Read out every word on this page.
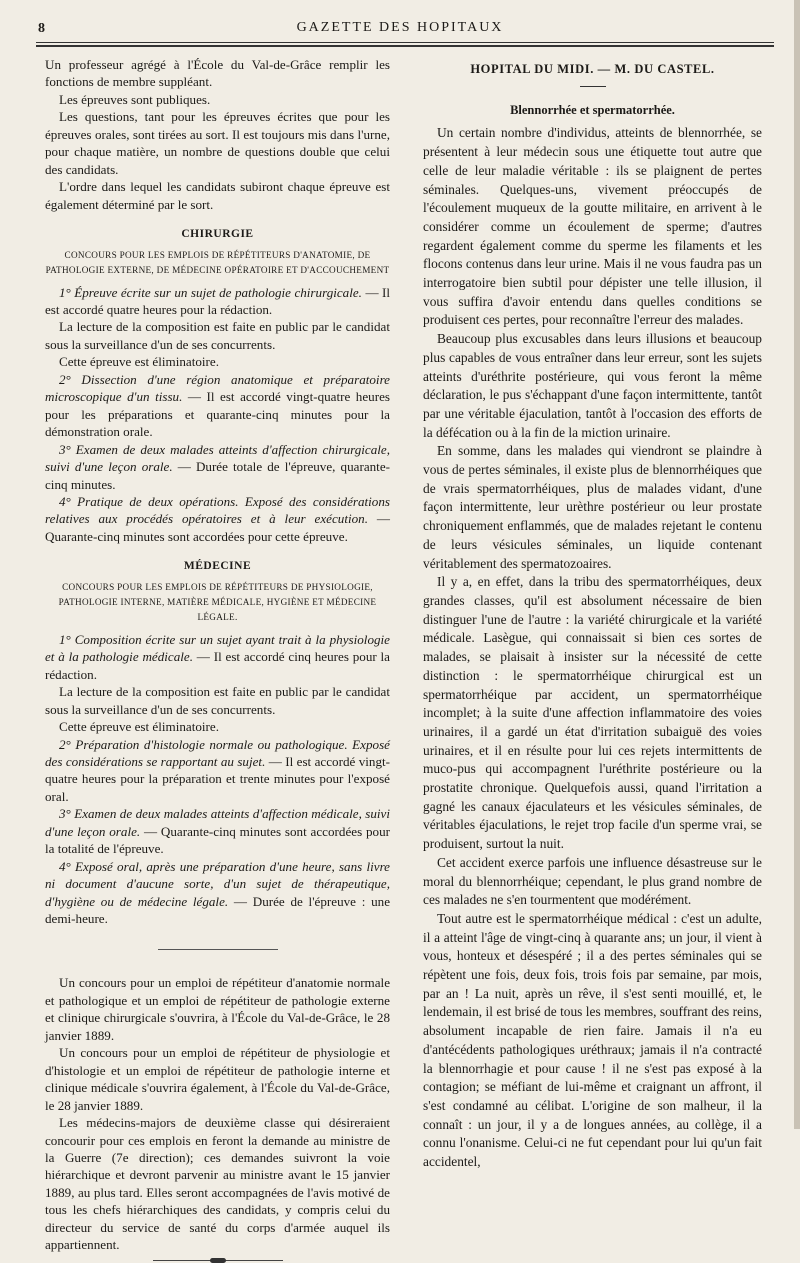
8	GAZETTE DES HOPITAUX

Un professeur agrégé à l'École du Val-de-Grâce remplir les fonctions de membre suppléant.

Les épreuves sont publiques.

Les questions, tant pour les épreuves écrites que pour les épreuves orales, sont tirées au sort. Il est toujours mis dans l'urne, pour chaque matière, un nombre de questions double que celui des candidats.

L'ordre dans lequel les candidats subiront chaque épreuve est également déterminé par le sort.

CHIRURGIE
CONCOURS POUR LES EMPLOIS DE RÉPÉTITEURS D'ANATOMIE, DE PATHOLOGIE EXTERNE, DE MÉDECINE OPÉRATOIRE ET D'ACCOUCHEMENT

1° Épreuve écrite sur un sujet de pathologie chirurgicale. — Il est accordé quatre heures pour la rédaction.

La lecture de la composition est faite en public par le candidat sous la surveillance d'un de ses concurrents.

Cette épreuve est éliminatoire.

2° Dissection d'une région anatomique et préparatoire microscopique d'un tissu. — Il est accordé vingt-quatre heures pour les préparations et quarante-cinq minutes pour la démonstration orale.

3° Examen de deux malades atteints d'affection chirurgicale, suivi d'une leçon orale. — Durée totale de l'épreuve, quarante-cinq minutes.

4° Pratique de deux opérations. Exposé des considérations relatives aux procédés opératoires et à leur exécution. — Quarante-cinq minutes sont accordées pour cette épreuve.

MÉDECINE
CONCOURS POUR LES EMPLOIS DE RÉPÉTITEURS DE PHYSIOLOGIE, PATHOLOGIE INTERNE, MATIÈRE MÉDICALE, HYGIÈNE ET MÉDECINE LÉGALE.

1° Composition écrite sur un sujet ayant trait à la physiologie et à la pathologie médicale. — Il est accordé cinq heures pour la rédaction.

La lecture de la composition est faite en public par le candidat sous la surveillance d'un de ses concurrents.

Cette épreuve est éliminatoire.

2° Préparation d'histologie normale ou pathologique. Exposé des considérations se rapportant au sujet. — Il est accordé vingt-quatre heures pour la préparation et trente minutes pour l'exposé oral.

3° Examen de deux malades atteints d'affection médicale, suivi d'une leçon orale. — Quarante-cinq minutes sont accordées pour la totalité de l'épreuve.

4° Exposé oral, après une préparation d'une heure, sans livre ni document d'aucune sorte, d'un sujet de thérapeutique, d'hygiène ou de médecine légale. — Durée de l'épreuve : une demi-heure.

Un concours pour un emploi de répétiteur d'anatomie normale et pathologique et un emploi de répétiteur de pathologie externe et clinique chirurgicale s'ouvrira, à l'École du Val-de-Grâce, le 28 janvier 1889.

Un concours pour un emploi de répétiteur de physiologie et d'histologie et un emploi de répétiteur de pathologie interne et clinique médicale s'ouvrira également, à l'École du Val-de-Grâce, le 28 janvier 1889.

Les médecins-majors de deuxième classe qui désireraient concourir pour ces emplois en feront la demande au ministre de la Guerre (7e direction); ces demandes suivront la voie hiérarchique et devront parvenir au ministre avant le 15 janvier 1889, au plus tard. Elles seront accompagnées de l'avis motivé de tous les chefs hiérarchiques des candidats, y compris celui du directeur du service de santé du corps d'armée auquel ils appartiennent.

HOPITAL DU MIDI. — M. DU CASTEL.
Blennorrhée et spermatorrhée.

Un certain nombre d'individus, atteints de blennorrhée, se présentent à leur médecin sous une étiquette tout autre que celle de leur maladie véritable : ils se plaignent de pertes séminales. Quelques-uns, vivement préoccupés de l'écoulement muqueux de la goutte militaire, en arrivent à le considérer comme un écoulement de sperme; d'autres regardent également comme du sperme les filaments et les flocons contenus dans leur urine. Mais il ne vous faudra pas un interrogatoire bien subtil pour dépister une telle illusion, il vous suffira d'avoir entendu dans quelles conditions se produisent ces pertes, pour reconnaître l'erreur des malades.

Beaucoup plus excusables dans leurs illusions et beaucoup plus capables de vous entraîner dans leur erreur, sont les sujets atteints d'uréthrite postérieure, qui vous feront la même déclaration, le pus s'échappant d'une façon intermittente, tantôt par une véritable éjaculation, tantôt à l'occasion des efforts de la défécation ou à la fin de la miction urinaire.

En somme, dans les malades qui viendront se plaindre à vous de pertes séminales, il existe plus de blennorrhéiques que de vrais spermatorrhéiques, plus de malades vidant, d'une façon intermittente, leur urèthre postérieur ou leur prostate chroniquement enflammés, que de malades rejetant le contenu de leurs vésicules séminales, un liquide contenant véritablement des spermatozoaires.

Il y a, en effet, dans la tribu des spermatorrhéiques, deux grandes classes, qu'il est absolument nécessaire de bien distinguer l'une de l'autre : la variété chirurgicale et la variété médicale. Lasègue, qui connaissait si bien ces sortes de malades, se plaisait à insister sur la nécessité de cette distinction : le spermatorrhéique chirurgical est un spermatorrhéique par accident, un spermatorrhéique incomplet; à la suite d'une affection inflammatoire des voies urinaires, il a gardé un état d'irritation subaiguë des voies urinaires, et il en résulte pour lui ces rejets intermittents de muco-pus qui accompagnent l'uréthrite postérieure ou la prostatite chronique. Quelquefois aussi, quand l'irritation a gagné les canaux éjaculateurs et les vésicules séminales, de véritables éjaculations, le rejet trop facile d'un sperme vrai, se produisent, surtout la nuit.

Cet accident exerce parfois une influence désastreuse sur le moral du blennorrhéique; cependant, le plus grand nombre de ces malades ne s'en tourmentent que modérément.

Tout autre est le spermatorrhéique médical : c'est un adulte, il a atteint l'âge de vingt-cinq à quarante ans; un jour, il vient à vous, honteux et désespéré ; il a des pertes séminales qui se répètent une fois, deux fois, trois fois par semaine, par mois, par an ! La nuit, après un rêve, il s'est senti mouillé, et, le lendemain, il est brisé de tous les membres, souffrant des reins, absolument incapable de rien faire. Jamais il n'a eu d'antécédents pathologiques uréthraux; jamais il n'a contracté la blennorrhagie et pour cause ! il ne s'est pas exposé à la contagion; se méfiant de lui-même et craignant un affront, il s'est condamné au célibat. L'origine de son malheur, il la connaît : un jour, il y a de longues années, au collège, il a connu l'onanisme. Celui-ci ne fut cependant pour lui qu'un fait accidentel,
